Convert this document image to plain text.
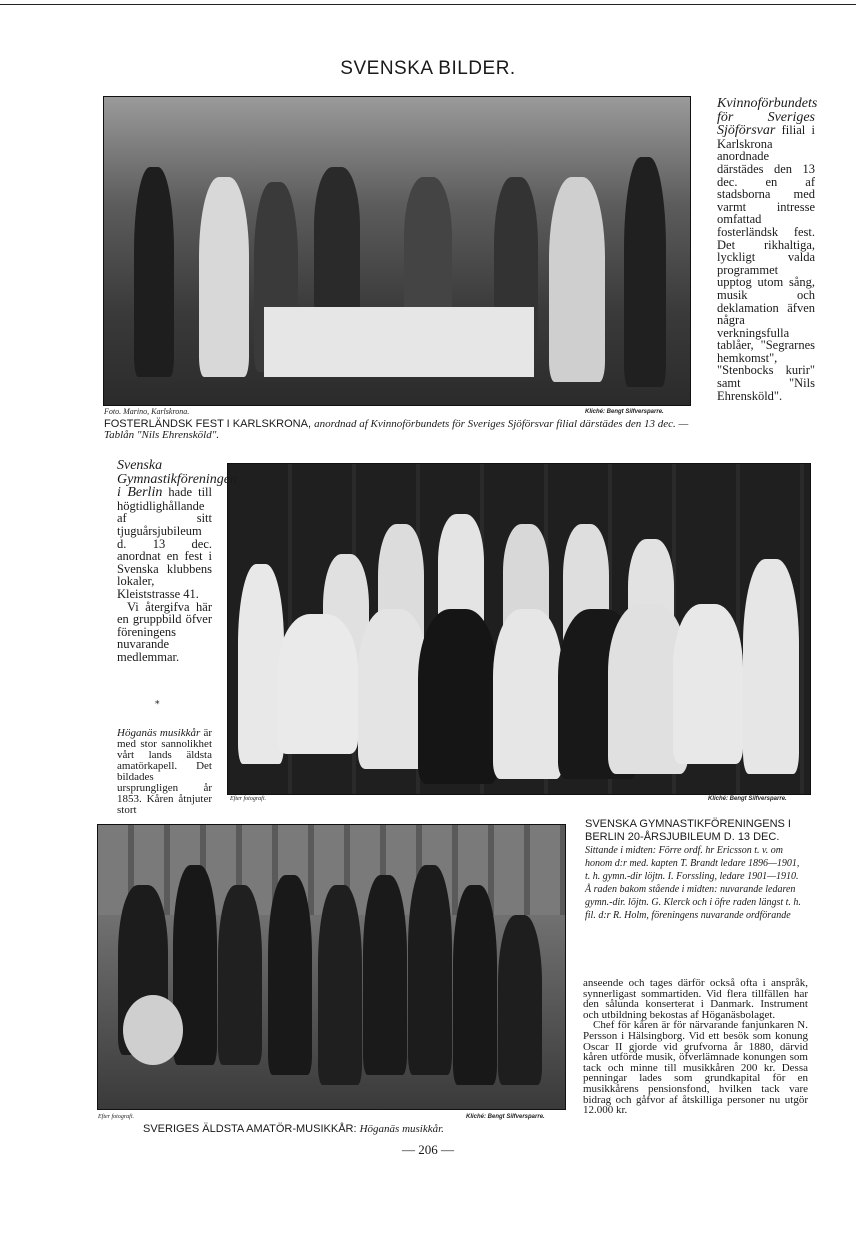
SVENSKA BILDER.
Foto. Marino, Karlskrona.	Kliché: Bengt Silfversparre.
FOSTERLÄNDSK FEST I KARLSKRONA, anordnad af Kvinnoförbundets för Sveriges Sjöförsvar filial därstädes den 13 dec. — Tablån "Nils Ehrensköld".
Kvinnoförbundets för Sveriges Sjöförsvar filial i Karlskrona anordnade därstädes den 13 dec. en af stadsborna med varmt intresse omfattad fosterländsk fest. Det rikhaltiga, lyckligt valda programmet upptog utom sång, musik och deklamation äfven några verkningsfulla tablåer, "Segrarnes hemkomst", "Stenbocks kurir" samt "Nils Ehrensköld".
Efter fotografi.	Kliché: Bengt Silfversparre.
Svenska Gymnastikföreningen i Berlin hade till högtidlighållande af sitt tjuguårsjubileum d. 13 dec. anordnat en fest i Svenska klubbens lokaler, Kleiststrasse 41.
Vi återgifva här en gruppbild öfver föreningens nuvarande medlemmar.
*
Höganäs musikkår är med stor sannolikhet vårt lands äldsta amatörkapell. Det bildades ursprungligen år 1853. Kåren åtnjuter stort
SVENSKA GYMNASTIKFÖRENINGENS I BERLIN 20-ÅRSJUBILEUM D. 13 DEC. Sittande i midten: Förre ordf. hr Ericsson t. v. om honom d:r med. kapten T. Brandt ledare 1896—1901, t. h. gymn.-dir löjtn. I. Forssling, ledare 1901—1910. Å raden bakom stående i midten: nuvarande ledaren gymn.-dir. löjtn. G. Klerck och i öfre raden längst t. h. fil. d:r R. Holm, föreningens nuvarande ordförande
Efter fotografi.	Kliché: Bengt Silfversparre.
SVERIGES ÄLDSTA AMATÖR-MUSIKKÅR: Höganäs musikkår.
anseende och tages därför också ofta i anspråk, synnerligast sommartiden. Vid flera tillfällen har den sålunda konserterat i Danmark. Instrument och utbildning bekostas af Höganäsbolaget.
Chef för kåren är för närvarande fanjunkaren N. Persson i Hälsingborg. Vid ett besök som konung Oscar II gjorde vid grufvorna år 1880, därvid kåren utförde musik, öfverlämnade konungen som tack och minne till musikkåren 200 kr. Dessa penningar lades som grundkapital för en musikkårens pensionsfond, hvilken tack vare bidrag och gåfvor af åtskilliga personer nu utgör 12.000 kr.
— 206 —
